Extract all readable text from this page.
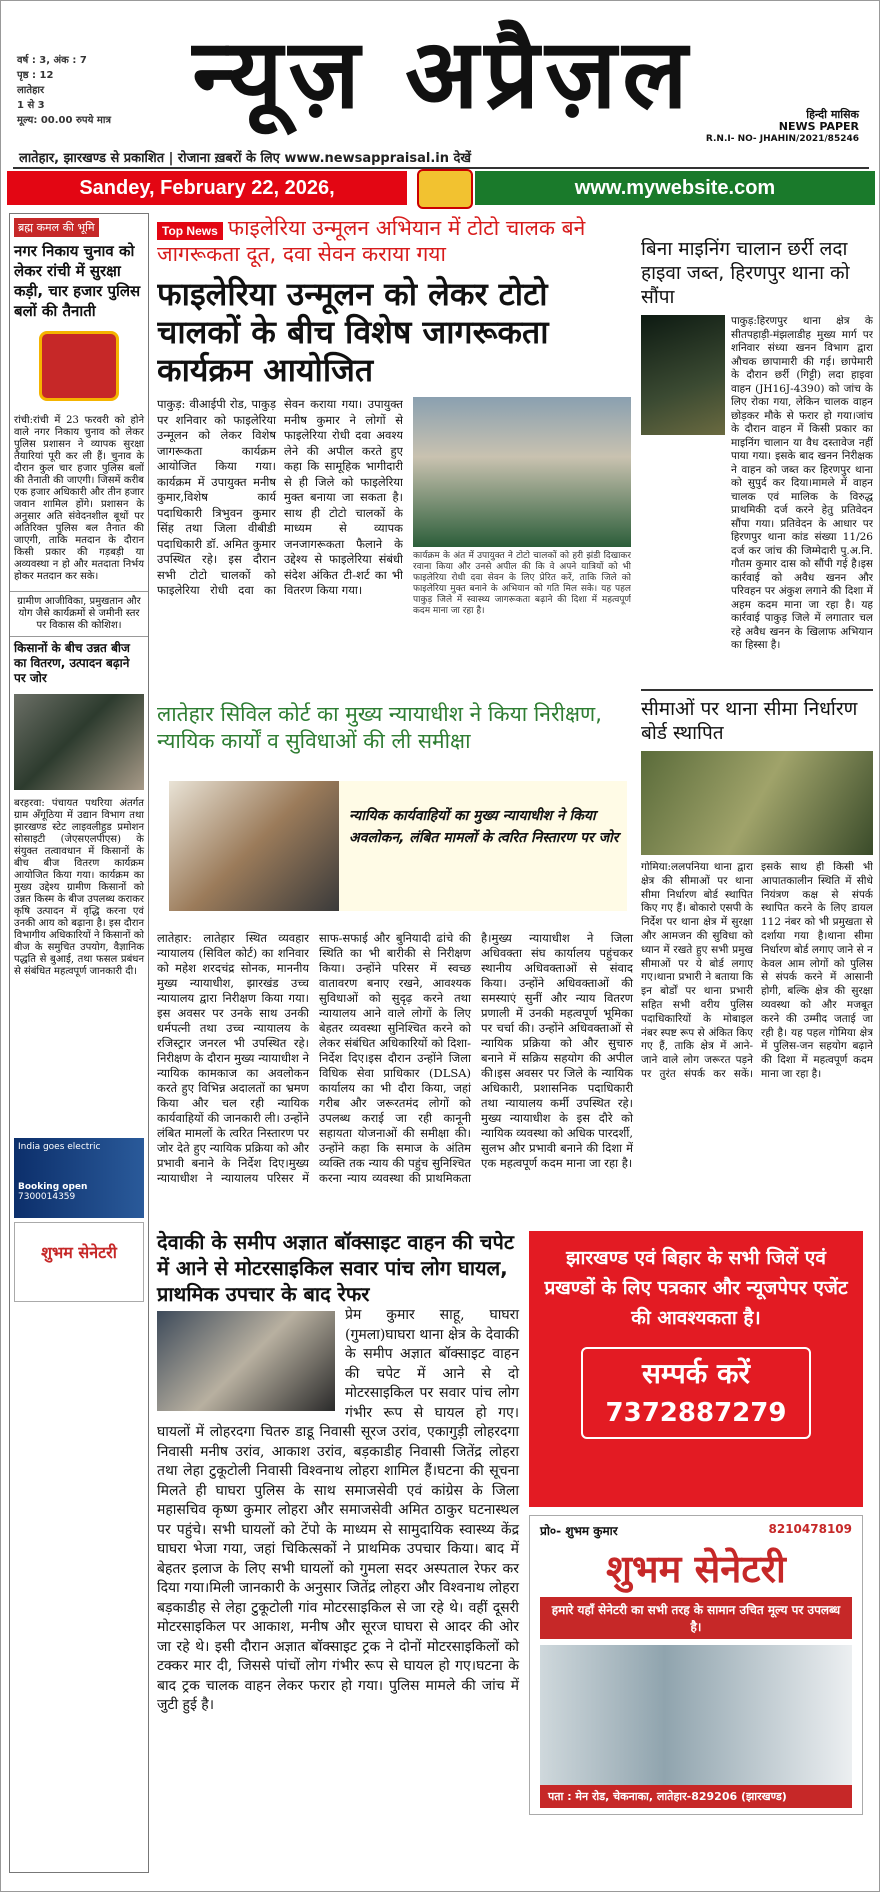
वर्ष : 3, अंक : 7
पृष्ठ : 12
लातेहार
1 से 3
मूल्य: 00.00 रुपये मात्र न्यूज़ अप्रैज़ल	हिन्दी मासिक
NEWS PAPER
R.N.I- NO- JHAHIN/2021/85246
लातेहार, झारखण्ड से प्रकाशित | रोजाना ख़बरों के लिए www.newsappraisal.in देखें
Sandey, February 22, 2026,	www.mywebsite.com
ब्रह्म कमल की भूमि
नगर निकाय चुनाव को लेकर रांची में सुरक्षा कड़ी, चार हजार पुलिस बलों की तैनाती
रांची:रांची में 23 फरवरी को होने वाले नगर निकाय चुनाव को लेकर पुलिस प्रशासन ने व्यापक सुरक्षा तैयारियां पूरी कर ली हैं। चुनाव के दौरान कुल चार हजार पुलिस बलों की तैनाती की जाएगी। जिसमें करीब एक हजार अधिकारी और तीन हजार जवान शामिल होंगे। प्रशासन के अनुसार अति संवेदनशील बूथों पर अतिरिक्त पुलिस बल तैनात की जाएगी, ताकि मतदान के दौरान किसी प्रकार की गड़बड़ी या अव्यवस्था न हो और मतदाता निर्भय होकर मतदान कर सके।
ग्रामीण आजीविका, प्रमुखतान और योग जैसे कार्यक्रमों से जमीनी स्तर पर विकास की कोशिश।
किसानों के बीच उन्नत बीज का वितरण, उत्पादन बढ़ाने पर जोर
बरहरवा: पंचायत पथरिया अंतर्गत ग्राम अँगूठिया में उद्यान विभाग तथा झारखण्ड स्टेट लाइवलीहुड प्रमोशन सोसाइटी (जेएसएलपीएस) के संयुक्त तत्वावधान में किसानों के बीच बीज वितरण कार्यक्रम आयोजित किया गया। कार्यक्रम का मुख्य उद्देश्य ग्रामीण किसानों को उन्नत किस्म के बीज उपलब्ध कराकर कृषि उत्पादन में वृद्धि करना एवं उनकी आय को बढ़ाना है। इस दौरान विभागीय अधिकारियों ने किसानों को बीज के समुचित उपयोग, वैज्ञानिक पद्धति से बुआई, तथा फसल प्रबंधन से संबंधित महत्वपूर्ण जानकारी दी।
India goes electric
Booking open
7300014359
शुभम सेनेटरी
Top News फाइलेरिया उन्मूलन अभियान में टोटो चालक बने जागरूकता दूत, दवा सेवन कराया गया
फाइलेरिया उन्मूलन को लेकर टोटो चालकों के बीच विशेष जागरूकता कार्यक्रम आयोजित
पाकुड़: वीआईपी रोड, पाकुड़ पर शनिवार को फाइलेरिया उन्मूलन को लेकर विशेष जागरूकता कार्यक्रम आयोजित किया गया। कार्यक्रम में उपायुक्त मनीष कुमार,विशेष कार्य पदाधिकारी त्रिभुवन कुमार सिंह तथा जिला वीबीडी पदाधिकारी डॉ. अमित कुमार उपस्थित रहे। इस दौरान सभी टोटो चालकों को फाइलेरिया रोधी दवा का सेवन कराया गया। उपायुक्त मनीष कुमार ने लोगों से फाइलेरिया रोधी दवा अवश्य लेने की अपील करते हुए कहा कि सामूहिक भागीदारी से ही जिले को फाइलेरिया मुक्त बनाया जा सकता है। साथ ही टोटो चालकों के माध्यम से व्यापक जनजागरूकता फैलाने के उद्देश्य से फाइलेरिया संबंधी संदेश अंकित टी-शर्ट का भी वितरण किया गया।
कार्यक्रम के अंत में उपायुक्त ने टोटो चालकों को हरी झंडी दिखाकर रवाना किया और उनसे अपील की कि वे अपने यात्रियों को भी फाइलेरिया रोधी दवा सेवन के लिए प्रेरित करें, ताकि जिले को फाइलेरिया मुक्त बनाने के अभियान को गति मिल सके। यह पहल पाकुड़ जिले में स्वास्थ्य जागरूकता बढ़ाने की दिशा में महत्वपूर्ण कदम माना जा रहा है।
बिना माइनिंग चालान छर्री लदा हाइवा जब्त, हिरणपुर थाना को सौंपा
पाकुड़:हिरणपुर थाना क्षेत्र के सीतपहाड़ी-मंझलाडीह मुख्य मार्ग पर शनिवार संध्या खनन विभाग द्वारा औचक छापामारी की गई। छापेमारी के दौरान छर्री (गिट्टी) लदा हाइवा वाहन (JH16J-4390) को जांच के लिए रोका गया, लेकिन चालक वाहन छोड़कर मौके से फरार हो गया।जांच के दौरान वाहन में किसी प्रकार का माइनिंग चालान या वैध दस्तावेज नहीं पाया गया। इसके बाद खनन निरीक्षक ने वाहन को जब्त कर हिरणपुर थाना को सुपुर्द कर दिया।मामले में वाहन चालक एवं मालिक के विरुद्ध प्राथमिकी दर्ज करने हेतु प्रतिवेदन सौंपा गया। प्रतिवेदन के आधार पर हिरणपुर थाना कांड संख्या 11/26 दर्ज कर जांच की जिम्मेदारी पु.अ.नि. गौतम कुमार दास को सौंपी गई है।इस कार्रवाई को अवैध खनन और परिवहन पर अंकुश लगाने की दिशा में अहम कदम माना जा रहा है। यह कार्रवाई पाकुड़ जिले में लगातार चल रहे अवैध खनन के खिलाफ अभियान का हिस्सा है।
सीमाओं पर थाना सीमा निर्धारण बोर्ड स्थापित
गोमिया:ललपनिया थाना द्वारा क्षेत्र की सीमाओं पर थाना सीमा निर्धारण बोर्ड स्थापित किए गए हैं। बोकारो एसपी के निर्देश पर थाना क्षेत्र में सुरक्षा और आमजन की सुविधा को ध्यान में रखते हुए सभी प्रमुख सीमाओं पर ये बोर्ड लगाए गए।थाना प्रभारी ने बताया कि इन बोर्डों पर थाना प्रभारी सहित सभी वरीय पुलिस पदाधिकारियों के मोबाइल नंबर स्पष्ट रूप से अंकित किए गए हैं, ताकि क्षेत्र में आने-जाने वाले लोग जरूरत पड़ने पर तुरंत संपर्क कर सकें। इसके साथ ही किसी भी आपातकालीन स्थिति में सीधे नियंत्रण कक्ष से संपर्क स्थापित करने के लिए डायल 112 नंबर को भी प्रमुखता से दर्शाया गया है।थाना सीमा निर्धारण बोर्ड लगाए जाने से न केवल आम लोगों को पुलिस से संपर्क करने में आसानी होगी, बल्कि क्षेत्र की सुरक्षा व्यवस्था को और मजबूत करने की उम्मीद जताई जा रही है। यह पहल गोमिया क्षेत्र में पुलिस-जन सहयोग बढ़ाने की दिशा में महत्वपूर्ण कदम माना जा रहा है।
लातेहार सिविल कोर्ट का मुख्य न्यायाधीश ने किया निरीक्षण, न्यायिक कार्यों व सुविधाओं की ली समीक्षा
न्यायिक कार्यवाहियों का मुख्य न्यायाधीश ने किया अवलोकन, लंबित मामलों के त्वरित निस्तारण पर जोर
लातेहार: लातेहार स्थित व्यवहार न्यायालय (सिविल कोर्ट) का शनिवार को महेश शरदचंद्र सोनक, माननीय मुख्य न्यायाधीश, झारखंड उच्च न्यायालय द्वारा निरीक्षण किया गया। इस अवसर पर उनके साथ उनकी धर्मपत्नी तथा उच्च न्यायालय के रजिस्ट्रार जनरल भी उपस्थित रहे।निरीक्षण के दौरान मुख्य न्यायाधीश ने न्यायिक कामकाज का अवलोकन करते हुए विभिन्न अदालतों का भ्रमण किया और चल रही न्यायिक कार्यवाहियों की जानकारी ली। उन्होंने लंबित मामलों के त्वरित निस्तारण पर जोर देते हुए न्यायिक प्रक्रिया को और प्रभावी बनाने के निर्देश दिए।मुख्य न्यायाधीश ने न्यायालय परिसर में साफ-सफाई और बुनियादी ढांचे की स्थिति का भी बारीकी से निरीक्षण किया। उन्होंने परिसर में स्वच्छ वातावरण बनाए रखने, आवश्यक सुविधाओं को सुदृढ़ करने तथा न्यायालय आने वाले लोगों के लिए बेहतर व्यवस्था सुनिश्चित करने को लेकर संबंधित अधिकारियों को दिशा-निर्देश दिए।इस दौरान उन्होंने जिला विधिक सेवा प्राधिकार (DLSA) कार्यालय का भी दौरा किया, जहां गरीब और जरूरतमंद लोगों को उपलब्ध कराई जा रही कानूनी सहायता योजनाओं की समीक्षा की। उन्होंने कहा कि समाज के अंतिम व्यक्ति तक न्याय की पहुंच सुनिश्चित करना न्याय व्यवस्था की प्राथमिकता है।मुख्य न्यायाधीश ने जिला अधिवक्ता संघ कार्यालय पहुंचकर स्थानीय अधिवक्ताओं से संवाद किया। उन्होंने अधिवक्ताओं की समस्याएं सुनीं और न्याय वितरण प्रणाली में उनकी महत्वपूर्ण भूमिका पर चर्चा की। उन्होंने अधिवक्ताओं से न्यायिक प्रक्रिया को और सुचारु बनाने में सक्रिय सहयोग की अपील की।इस अवसर पर जिले के न्यायिक अधिकारी, प्रशासनिक पदाधिकारी तथा न्यायालय कर्मी उपस्थित रहे। मुख्य न्यायाधीश के इस दौरे को न्यायिक व्यवस्था को अधिक पारदर्शी, सुलभ और प्रभावी बनाने की दिशा में एक महत्वपूर्ण कदम माना जा रहा है।
देवाकी के समीप अज्ञात बॉक्साइट वाहन की चपेट में आने से मोटरसाइकिल सवार पांच लोग घायल, प्राथमिक उपचार के बाद रेफर
प्रेम कुमार साहू, घाघरा (गुमला)घाघरा थाना क्षेत्र के देवाकी के समीप अज्ञात बॉक्साइट वाहन की चपेट में आने से दो मोटरसाइकिल पर सवार पांच लोग गंभीर रूप से घायल हो गए। घायलों में लोहरदगा चितरु डाडू निवासी सूरज उरांव, एकागुड़ी लोहरदगा निवासी मनीष उरांव, आकाश उरांव, बड़काडीह निवासी जितेंद्र लोहरा तथा लेहा टुकूटोली निवासी विश्वनाथ लोहरा शामिल हैं।घटना की सूचना मिलते ही घाघरा पुलिस के साथ समाजसेवी एवं कांग्रेस के जिला महासचिव कृष्ण कुमार लोहरा और समाजसेवी अमित ठाकुर घटनास्थल पर पहुंचे। सभी घायलों को टेंपो के माध्यम से सामुदायिक स्वास्थ्य केंद्र घाघरा भेजा गया, जहां चिकित्सकों ने प्राथमिक उपचार किया। बाद में बेहतर इलाज के लिए सभी घायलों को गुमला सदर अस्पताल रेफर कर दिया गया।मिली जानकारी के अनुसार जितेंद्र लोहरा और विश्वनाथ लोहरा बड़काडीह से लेहा टुकूटोली गांव मोटरसाइकिल से जा रहे थे। वहीं दूसरी मोटरसाइकिल पर आकाश, मनीष और सूरज घाघरा से आदर की ओर जा रहे थे। इसी दौरान अज्ञात बॉक्साइट ट्रक ने दोनों मोटरसाइकिलों को टक्कर मार दी, जिससे पांचों लोग गंभीर रूप से घायल हो गए।घटना के बाद ट्रक चालक वाहन लेकर फरार हो गया। पुलिस मामले की जांच में जुटी हुई है।
झारखण्ड एवं बिहार के सभी जिलें एवं प्रखण्डों के लिए पत्रकार और न्यूजपेपर एजेंट की आवश्यकता है।
सम्पर्क करें
7372887279
प्रो०- शुभम कुमार	8210478109
शुभम सेनेटरी
हमारे यहाँ सेनेटरी का सभी तरह के सामान उचित मूल्य पर उपलब्ध है।
पता : मेन रोड, चेकनाका, लातेहार-829206 (झारखण्ड)
